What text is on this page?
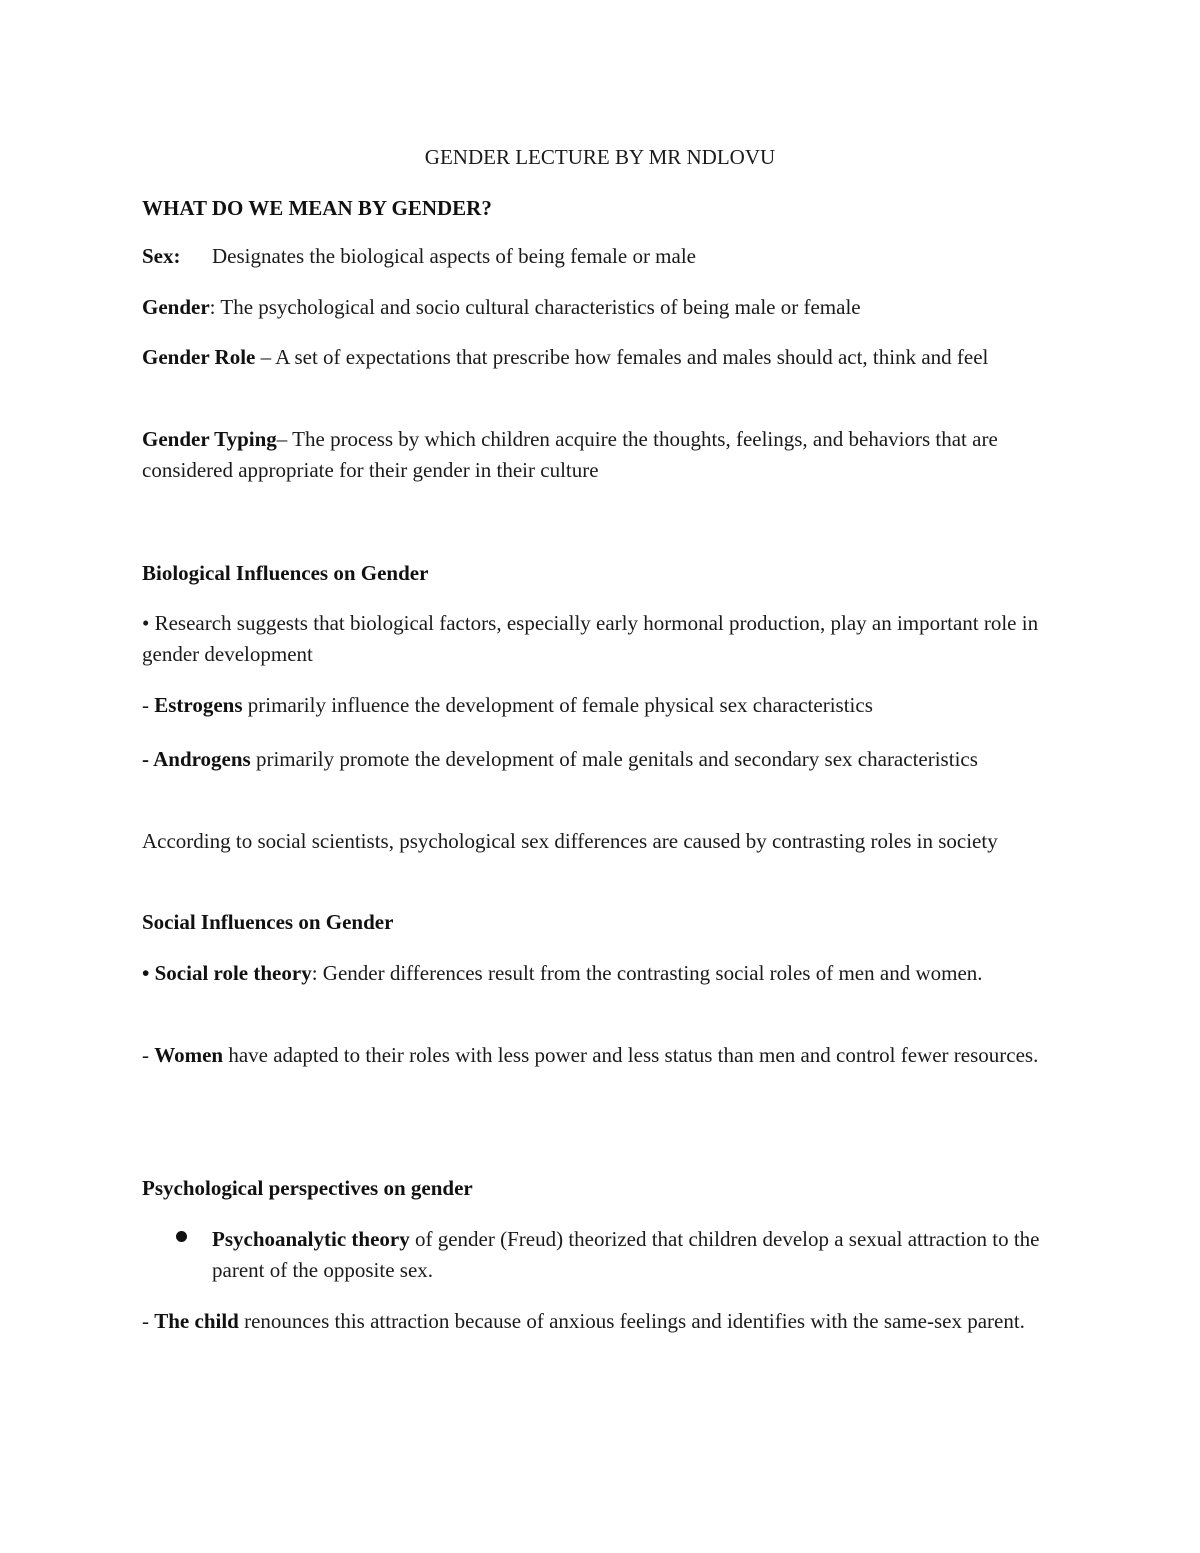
GENDER LECTURE BY MR NDLOVU

WHAT DO WE MEAN BY GENDER?

Sex: Designates the biological aspects of being female or male

Gender: The psychological and socio cultural characteristics of being male or female

Gender Role – A set of expectations that prescribe how females and males should act, think and feel

Gender Typing– The process by which children acquire the thoughts, feelings, and behaviors that are considered appropriate for their gender in their culture

Biological Influences on Gender

• Research suggests that biological factors, especially early hormonal production, play an important role in gender development

- Estrogens primarily influence the development of female physical sex characteristics

- Androgens primarily promote the development of male genitals and secondary sex characteristics

According to social scientists, psychological sex differences are caused by contrasting roles in society

Social Influences on Gender

• Social role theory: Gender differences result from the contrasting social roles of men and women.

- Women have adapted to their roles with less power and less status than men and control fewer resources.

Psychological perspectives on gender

Psychoanalytic theory of gender (Freud) theorized that children develop a sexual attraction to the parent of the opposite sex.

- The child renounces this attraction because of anxious feelings and identifies with the same-sex parent.
